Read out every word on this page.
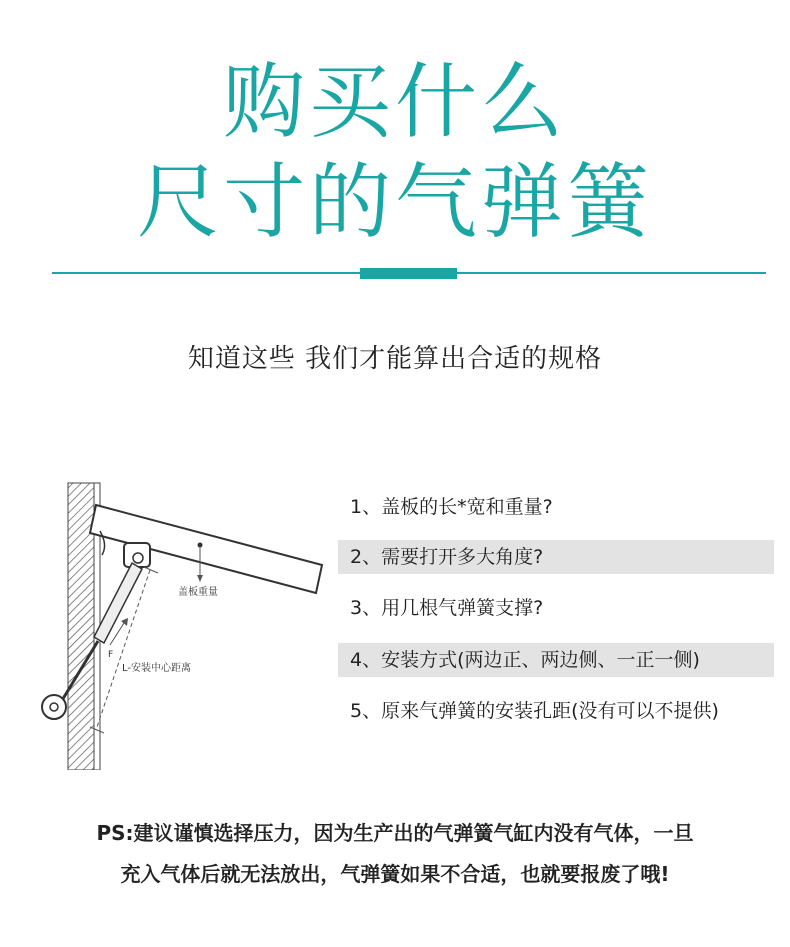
购买什么
尺寸的气弹簧
知道这些 我们才能算出合适的规格
F
盖板重量
L-安装中心距离
1、盖板的长*宽和重量?
2、需要打开多大角度?
3、用几根气弹簧支撑?
4、安装方式(两边正、两边侧、一正一侧)
5、原来气弹簧的安装孔距(没有可以不提供)
PS:建议谨慎选择压力，因为生产出的气弹簧气缸内没有气体，一旦
充入气体后就无法放出，气弹簧如果不合适，也就要报废了哦!
